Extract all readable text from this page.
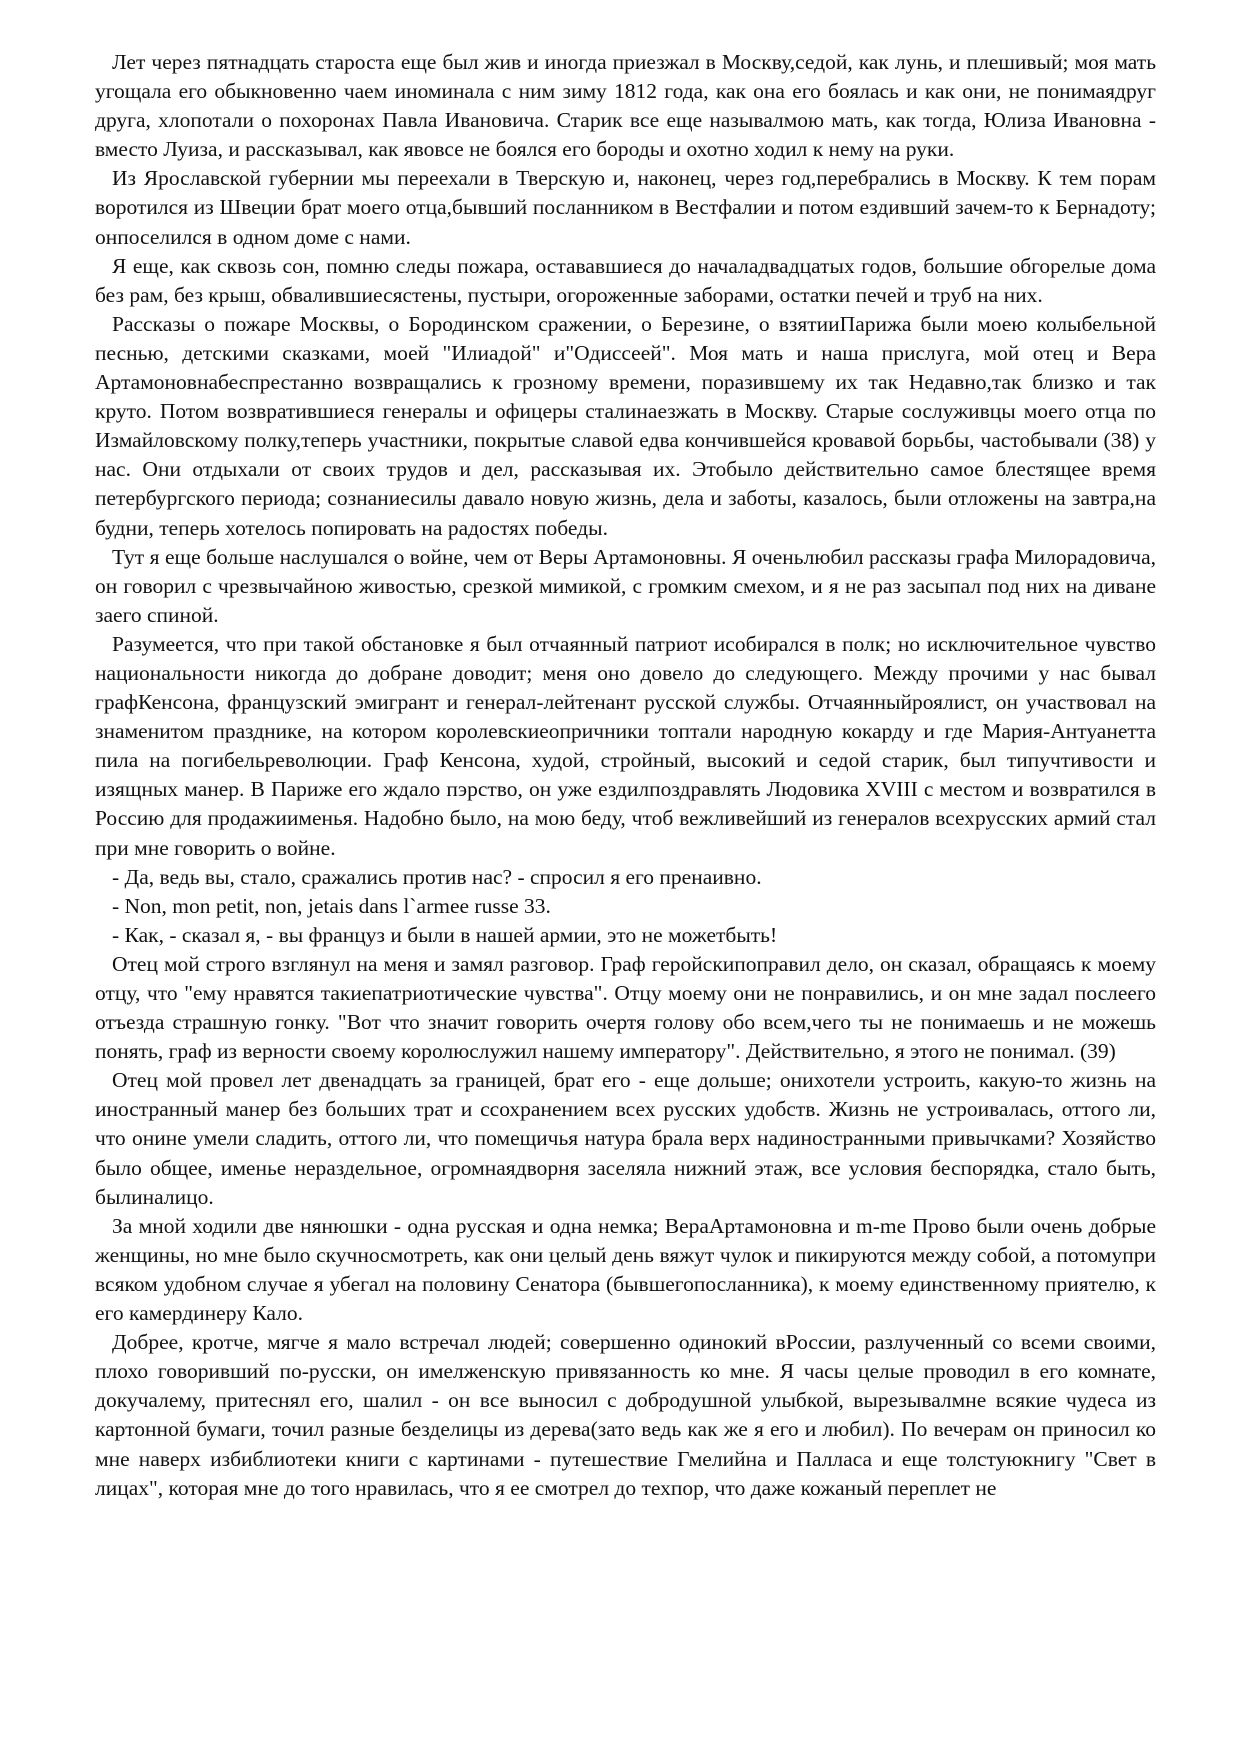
Лет через пятнадцать староста еще был жив и иногда приезжал в Москву,седой, как лунь, и плешивый; моя мать угощала его обыкновенно чаем иноминала с ним зиму 1812 года, как она его боялась и как они, не понимаядруг друга, хлопотали о похоронах Павла Ивановича. Старик все еще называлмою мать, как тогда, Юлиза Ивановна - вместо Луиза, и рассказывал, как явовсе не боялся его бороды и охотно ходил к нему на руки.

Из Ярославской губернии мы переехали в Тверскую и, наконец, через год,перебрались в Москву. К тем порам воротился из Швеции брат моего отца,бывший посланником в Вестфалии и потом ездивший зачем-то к Бернадоту; онпоселился в одном доме с нами.

Я еще, как сквозь сон, помню следы пожара, остававшиеся до началадвадцатых годов, большие обгорелые дома без рам, без крыш, обвалившиесястены, пустыри, огороженные заборами, остатки печей и труб на них.

Рассказы о пожаре Москвы, о Бородинском сражении, о Березине, о взятииПарижа были моею колыбельной песнью, детскими сказками, моей "Илиадой" и"Одиссеей". Моя мать и наша прислуга, мой отец и Вера Артамоновнабеспрестанно возвращались к грозному времени, поразившему их так Недавно,так близко и так круто. Потом возвратившиеся генералы и офицеры сталинаезжать в Москву. Старые сослуживцы моего отца по Измайловскому полку,теперь участники, покрытые славой едва кончившейся кровавой борьбы, частобывали (38) у нас. Они отдыхали от своих трудов и дел, рассказывая их. Этобыло действительно самое блестящее время петербургского периода; сознаниесилы давало новую жизнь, дела и заботы, казалось, были отложены на завтра,на будни, теперь хотелось попировать на радостях победы.

Тут я еще больше наслушался о войне, чем от Веры Артамоновны. Я оченьлюбил рассказы графа Милорадовича, он говорил с чрезвычайною живостью, срезкой мимикой, с громким смехом, и я не раз засыпал под них на диване заего спиной.

Разумеется, что при такой обстановке я был отчаянный патриот исобирался в полк; но исключительное чувство национальности никогда до добране доводит; меня оно довело до следующего. Между прочими у нас бывал графКенсона, французский эмигрант и генерал-лейтенант русской службы. Отчаянныйроялист, он участвовал на знаменитом празднике, на котором королевскиеопричники топтали народную кокарду и где Мария-Антуанетта пила на погибельреволюции. Граф Кенсона, худой, стройный, высокий и седой старик, был типучтивости и изящных манер. В Париже его ждало пэрство, он уже ездилпоздравлять Людовика XVIII с местом и возвратился в Россию для продажиименья. Надобно было, на мою беду, чтоб вежливейший из генералов всехрусских армий стал при мне говорить о войне.

- Да, ведь вы, стало, сражались против нас? - спросил я его пренаивно.

- Non, mon petit, non, jetais dans l`armee russe 33.

- Как, - сказал я, - вы француз и были в нашей армии, это не можетбыть!

Отец мой строго взглянул на меня и замял разговор. Граф геройскипоправил дело, он сказал, обращаясь к моему отцу, что "ему нравятся такиепатриотические чувства". Отцу моему они не понравились, и он мне задал послеего отъезда страшную гонку. "Вот что значит говорить очертя голову обо всем,чего ты не понимаешь и не можешь понять, граф из верности своему королюслужил нашему императору". Действительно, я этого не понимал. (39)

Отец мой провел лет двенадцать за границей, брат его - еще дольше; онихотели устроить, какую-то жизнь на иностранный манер без больших трат и ссохранением всех русских удобств. Жизнь не устроивалась, оттого ли, что онине умели сладить, оттого ли, что помещичья натура брала верх надиностранными привычками? Хозяйство было общее, именье нераздельное, огромнаядворня заселяла нижний этаж, все условия беспорядка, стало быть, былиналицо.

За мной ходили две нянюшки - одна русская и одна немка; ВераАртамоновна и m-me Прово были очень добрые женщины, но мне было скучносмотреть, как они целый день вяжут чулок и пикируются между собой, а потомупри всяком удобном случае я убегал на половину Сенатора (бывшегопосланника), к моему единственному приятелю, к его камердинеру Кало.

Добрее, кротче, мягче я мало встречал людей; совершенно одинокий вРоссии, разлученный со всеми своими, плохо говоривший по-русски, он имелженскую привязанность ко мне. Я часы целые проводил в его комнате, докучалему, притеснял его, шалил - он все выносил с добродушной улыбкой, вырезывалмне всякие чудеса из картонной бумаги, точил разные безделицы из дерева(зато ведь как же я его и любил). По вечерам он приносил ко мне наверх избиблиотеки книги с картинами - путешествие Гмелийна и Палласа и еще толстуюкнигу "Свет в лицах", которая мне до того нравилась, что я ее смотрел до техпор, что даже кожаный переплет не
